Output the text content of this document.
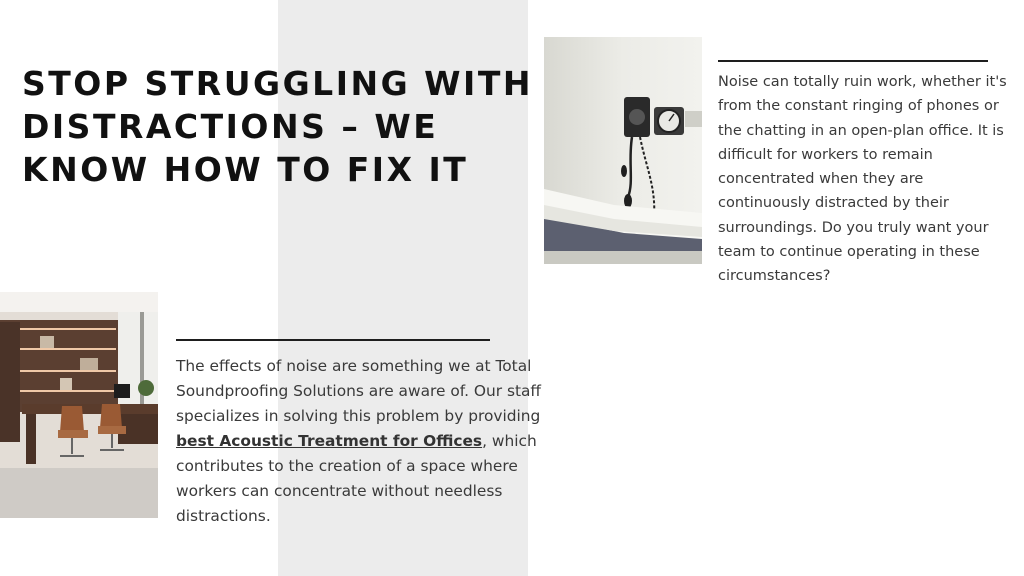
STOP STRUGGLING WITH DISTRACTIONS – WE KNOW HOW TO FIX IT

Noise can totally ruin work, whether it's from the constant ringing of phones or the chatting in an open-plan office. It is difficult for workers to remain concentrated when they are continuously distracted by their surroundings. Do you truly want your team to continue operating in these circumstances?

The effects of noise are something we at Total Soundproofing Solutions are aware of. Our staff specializes in solving this problem by providing best Acoustic Treatment for Offices, which contributes to the creation of a space where workers can concentrate without needless distractions.
